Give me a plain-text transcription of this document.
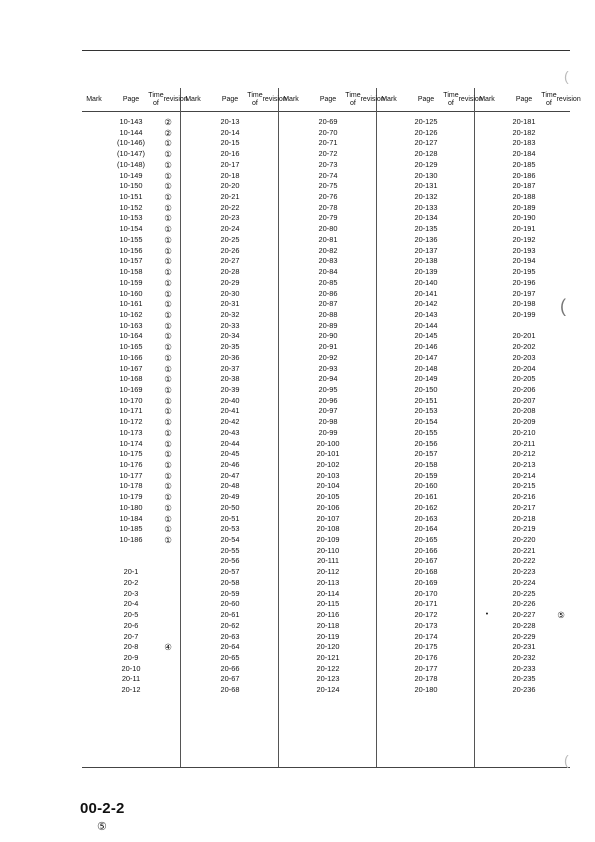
Mark	Page
Time of

revision
10-143	②
10-144	②
(10-146)	①
(10-147)	①
(10-148)	①
10-149	①
10-150	①
10-151	①
10-152	①
10-153	①
10-154	①
10-155	①
10-156	①
10-157	①
10-158	①
10-159	①
10-160	①
10-161	①
10-162	①
10-163	①
10-164	①
10-165	①
10-166	①
10-167	①
10-168	①
10-169	①
10-170	①
10-171	①
10-172	①
10-173	①
10-174	①
10-175	①
10-176	①
10-177	①
10-178	①
10-179	①
10-180	①
10-184	①
10-185	①
10-186	①
20-1
20-2
20-3
20-4
20-5
20-6
20-7
20-8	④
20-9
20-10
20-11
20-12
Mark	Page
Time of

revision
20-13
20-14
20-15
20-16
20-17
20-18
20-20
20-21
20-22
20-23
20-24
20-25
20-26
20-27
20-28
20-29
20-30
20-31
20-32
20-33
20-34
20-35
20-36
20-37
20-38
20-39
20-40
20-41
20-42
20-43
20-44
20-45
20-46
20-47
20-48
20-49
20-50
20-51
20-53
20-54
20-55
20-56
20-57
20-58
20-59
20-60
20-61
20-62
20-63
20-64
20-65
20-66
20-67
20-68
Mark	Page
Time of

revision
20-69
20-70
20-71
20-72
20-73
20-74
20-75
20-76
20-78
20-79
20-80
20-81
20-82
20-83
20-84
20-85
20-86
20-87
20-88
20-89
20-90
20-91
20-92
20-93
20-94
20-95
20-96
20-97
20-98
20-99
20-100
20-101
20-102
20-103
20-104
20-105
20-106
20-107
20-108
20-109
20-110
20-111
20-112
20-113
20-114
20-115
20-116
20-118
20-119
20-120
20-121
20-122
20-123
20-124
Mark	Page
Time of

revision
20-125
20-126
20-127
20-128
20-129
20-130
20-131
20-132
20-133
20-134
20-135
20-136
20-137
20-138
20-139
20-140
20-141
20-142
20-143
20-144
20-145
20-146
20-147
20-148
20-149
20-150
20-151
20-153
20-154
20-155
20-156
20-157
20-158
20-159
20-160
20-161
20-162
20-163
20-164
20-165
20-166
20-167
20-168
20-169
20-170
20-171
20-172
20-173
20-174
20-175
20-176
20-177
20-178
20-180
Mark	Page
Time of

revision
20-181
20-182
20-183
20-184
20-185
20-186
20-187
20-188
20-189
20-190
20-191
20-192
20-193
20-194
20-195
20-196
20-197
20-198
20-199
20-201
20-202
20-203
20-204
20-205
20-206
20-207
20-208
20-209
20-210
20-211
20-212
20-213
20-214
20-215
20-216
20-217
20-218
20-219
20-220
20-221
20-222
20-223
20-224
20-225
20-226
•	20-227	⑤
20-228
20-229
20-231
20-232
20-233
20-235
20-236
(
(
(
00-2-2
⑤
